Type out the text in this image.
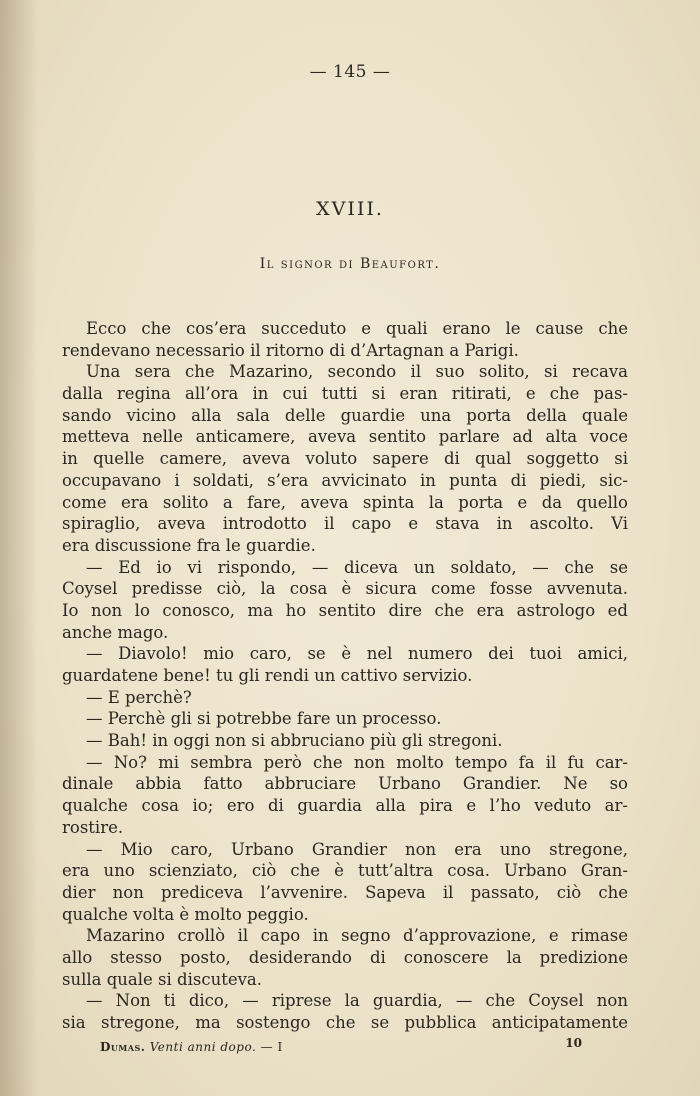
— 145 —
XVIII.
Il signor di Beaufort.
Ecco che cos’era succeduto e quali erano le cause che
rendevano necessario il ritorno di d’Artagnan a Parigi.
Una sera che Mazarino, secondo il suo solito, si recava
dalla regina all’ora in cui tutti si eran ritirati, e che pas-
sando vicino alla sala delle guardie una porta della quale
metteva nelle anticamere, aveva sentito parlare ad alta voce
in quelle camere, aveva voluto sapere di qual soggetto si
occupavano i soldati, s’era avvicinato in punta di piedi, sic-
come era solito a fare, aveva spinta la porta e da quello
spiraglio, aveva introdotto il capo e stava in ascolto. Vi
era discussione fra le guardie.
— Ed io vi rispondo, — diceva un soldato, — che se
Coysel predisse ciò, la cosa è sicura come fosse avvenuta.
Io non lo conosco, ma ho sentito dire che era astrologo ed
anche mago.
— Diavolo! mio caro, se è nel numero dei tuoi amici,
guardatene bene! tu gli rendi un cattivo servizio.
— E perchè?
— Perchè gli si potrebbe fare un processo.
— Bah! in oggi non si abbruciano più gli stregoni.
— No? mi sembra però che non molto tempo fa il fu car-
dinale abbia fatto abbruciare Urbano Grandier. Ne so
qualche cosa io; ero di guardia alla pira e l’ho veduto ar-
rostire.
— Mio caro, Urbano Grandier non era uno stregone,
era uno scienziato, ciò che è tutt’altra cosa. Urbano Gran-
dier non prediceva l’avvenire. Sapeva il passato, ciò che
qualche volta è molto peggio.
Mazarino crollò il capo in segno d’approvazione, e rimase
allo stesso posto, desiderando di conoscere la predizione
sulla quale si discuteva.
— Non ti dico, — riprese la guardia, — che Coysel non
sia stregone, ma sostengo che se pubblica anticipatamente
Dumas. Venti anni dopo. — I	10
